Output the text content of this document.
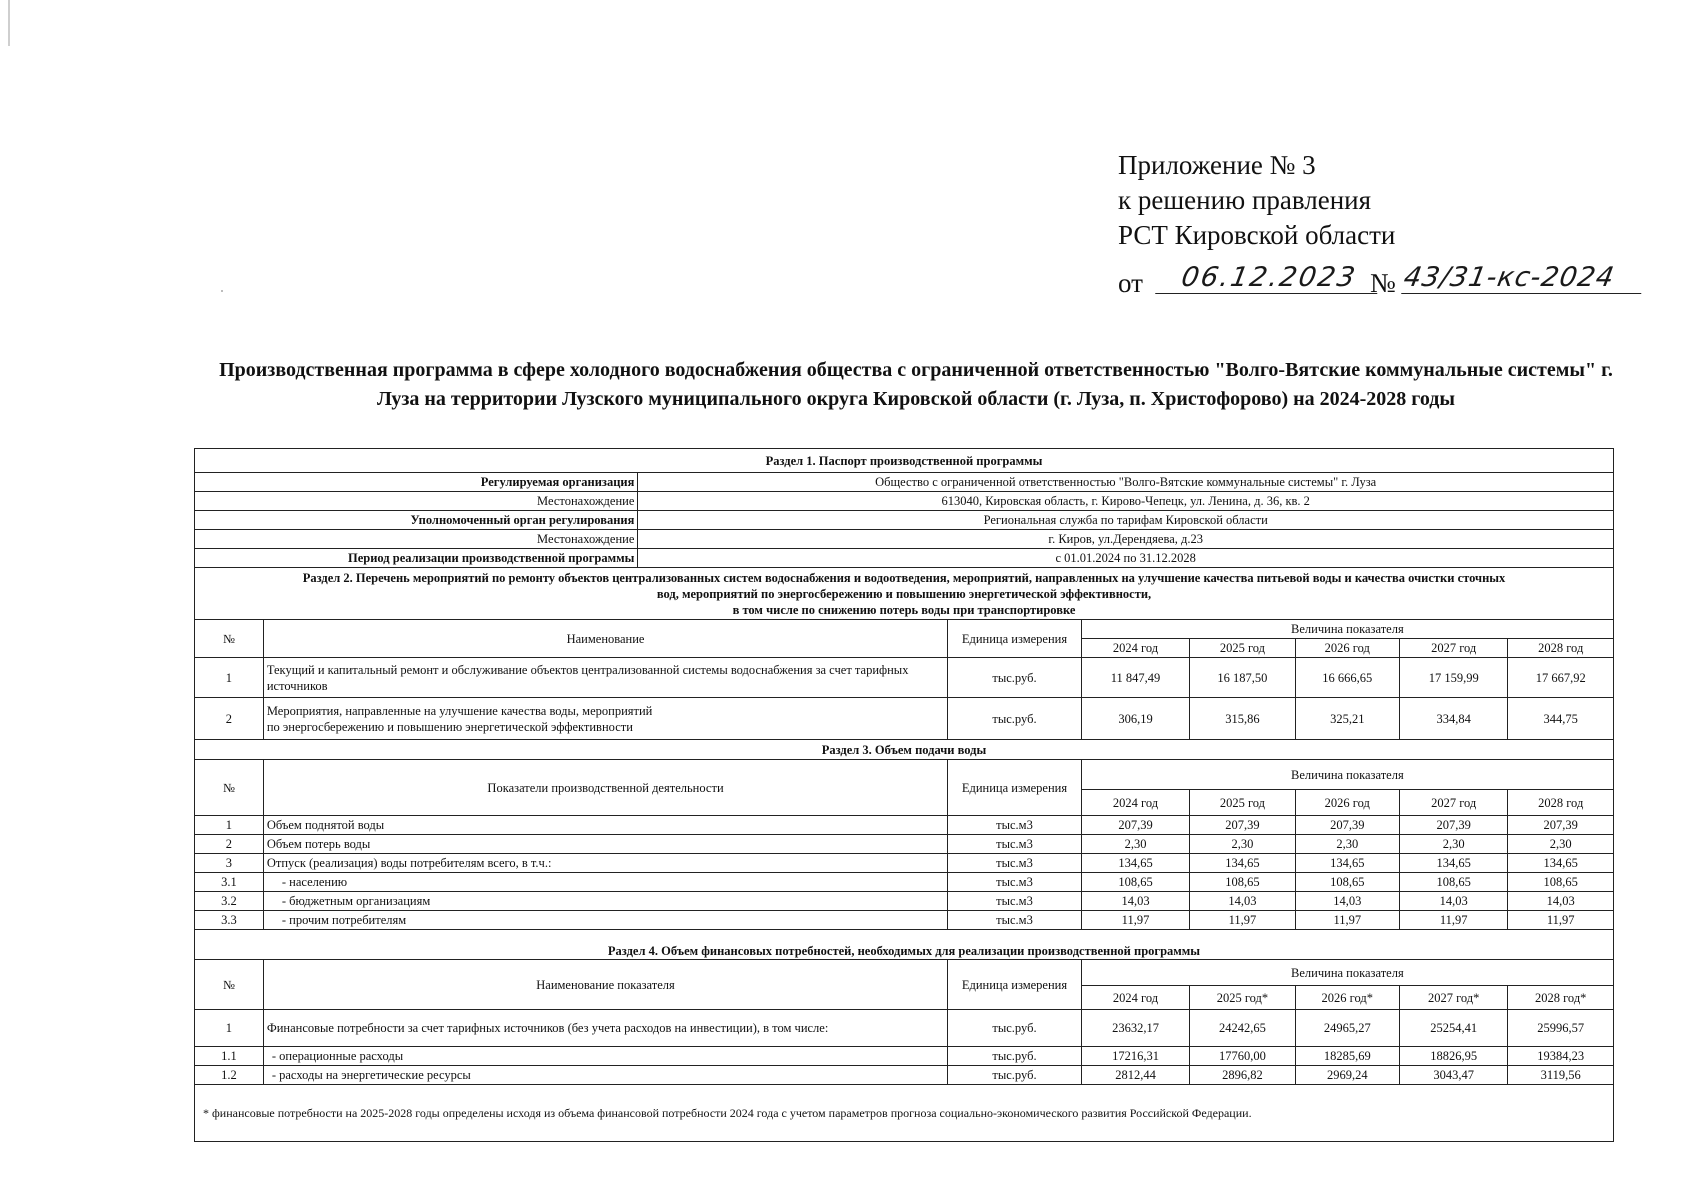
Приложение № 3
к решению правления
РСТ Кировской области
от	06.12.2023 № 43/31-кс-2024
Производственная программа в сфере холодного водоснабжения общества с ограниченной ответственностью "Волго-Вятские коммунальные системы" г. Луза на территории Лузского муниципального округа Кировской области (г. Луза, п. Христофорово) на 2024-2028 годы
Раздел 1. Паспорт производственной программы								
Регулируемая организация		Общество с ограниченной ответственностью "Волго-Вятские коммунальные системы" г. Луза						
Местонахождение		613040, Кировская область, г. Кирово-Чепецк, ул. Ленина, д. 36, кв. 2						
Уполномоченный орган регулирования		Региональная служба по тарифам Кировской области						
Местонахождение		г. Киров, ул.Дерендяева, д.23						
Период реализации производственной программы		с 01.01.2024 по 31.12.2028						

Раздел 2. Перечень мероприятий по ремонту объектов централизованных систем водоснабжения и водоотведения, мероприятий, направленных на улучшение качества питьевой воды и качества очистки сточных
вод, мероприятий по энергосбережению и повышению энергетической эффективности,
в том числе по снижению потерь воды при транспортировке								

№	Наименование		Единица измерения	Величина показателя				
				2024 год	2025 год	2026 год	2027 год	2028 год
1	Текущий и капитальный ремонт и обслуживание объектов централизованной системы водоснабжения за счет тарифных источников		тыс.руб.	11 847,49	16 187,50	16 666,65	17 159,99	17 667,92
2	Мероприятия, направленные на улучшение качества воды, мероприятий
по энергосбережению и повышению энергетической эффективности		тыс.руб.	306,19	315,86	325,21	334,84	344,75
Раздел 3. Объем подачи воды								
№	Показатели производственной деятельности		Единица измерения	Величина показателя				
				2024 год	2025 год	2026 год	2027 год	2028 год
1	Объем поднятой воды		тыс.м3	207,39	207,39	207,39	207,39	207,39
2	Объем потерь воды		тыс.м3	2,30	2,30	2,30	2,30	2,30
3	Отпуск (реализация) воды потребителям всего, в т.ч.:		тыс.м3	134,65	134,65	134,65	134,65	134,65
3.1	- населению		тыс.м3	108,65	108,65	108,65	108,65	108,65
3.2	- бюджетным организациям		тыс.м3	14,03	14,03	14,03	14,03	14,03
3.3	- прочим потребителям		тыс.м3	11,97	11,97	11,97	11,97	11,97
Раздел 4. Объем финансовых потребностей, необходимых для реализации производственной программы								
№	Наименование показателя		Единица измерения	Величина показателя				
				2024 год	2025 год*	2026 год*	2027 год*	2028 год*
1	Финансовые потребности за счет тарифных источников (без учета расходов на инвестиции), в том числе:		тыс.руб.	23632,17	24242,65	24965,27	25254,41	25996,57
1.1	- операционные расходы		тыс.руб.	17216,31	17760,00	18285,69	18826,95	19384,23
1.2	- расходы на энергетические ресурсы		тыс.руб.	2812,44	2896,82	2969,24	3043,47	3119,56
* финансовые потребности на 2025-2028 годы определены исходя из объема финансовой потребности 2024 года с учетом параметров прогноза социально-экономического развития Российской Федерации.								
